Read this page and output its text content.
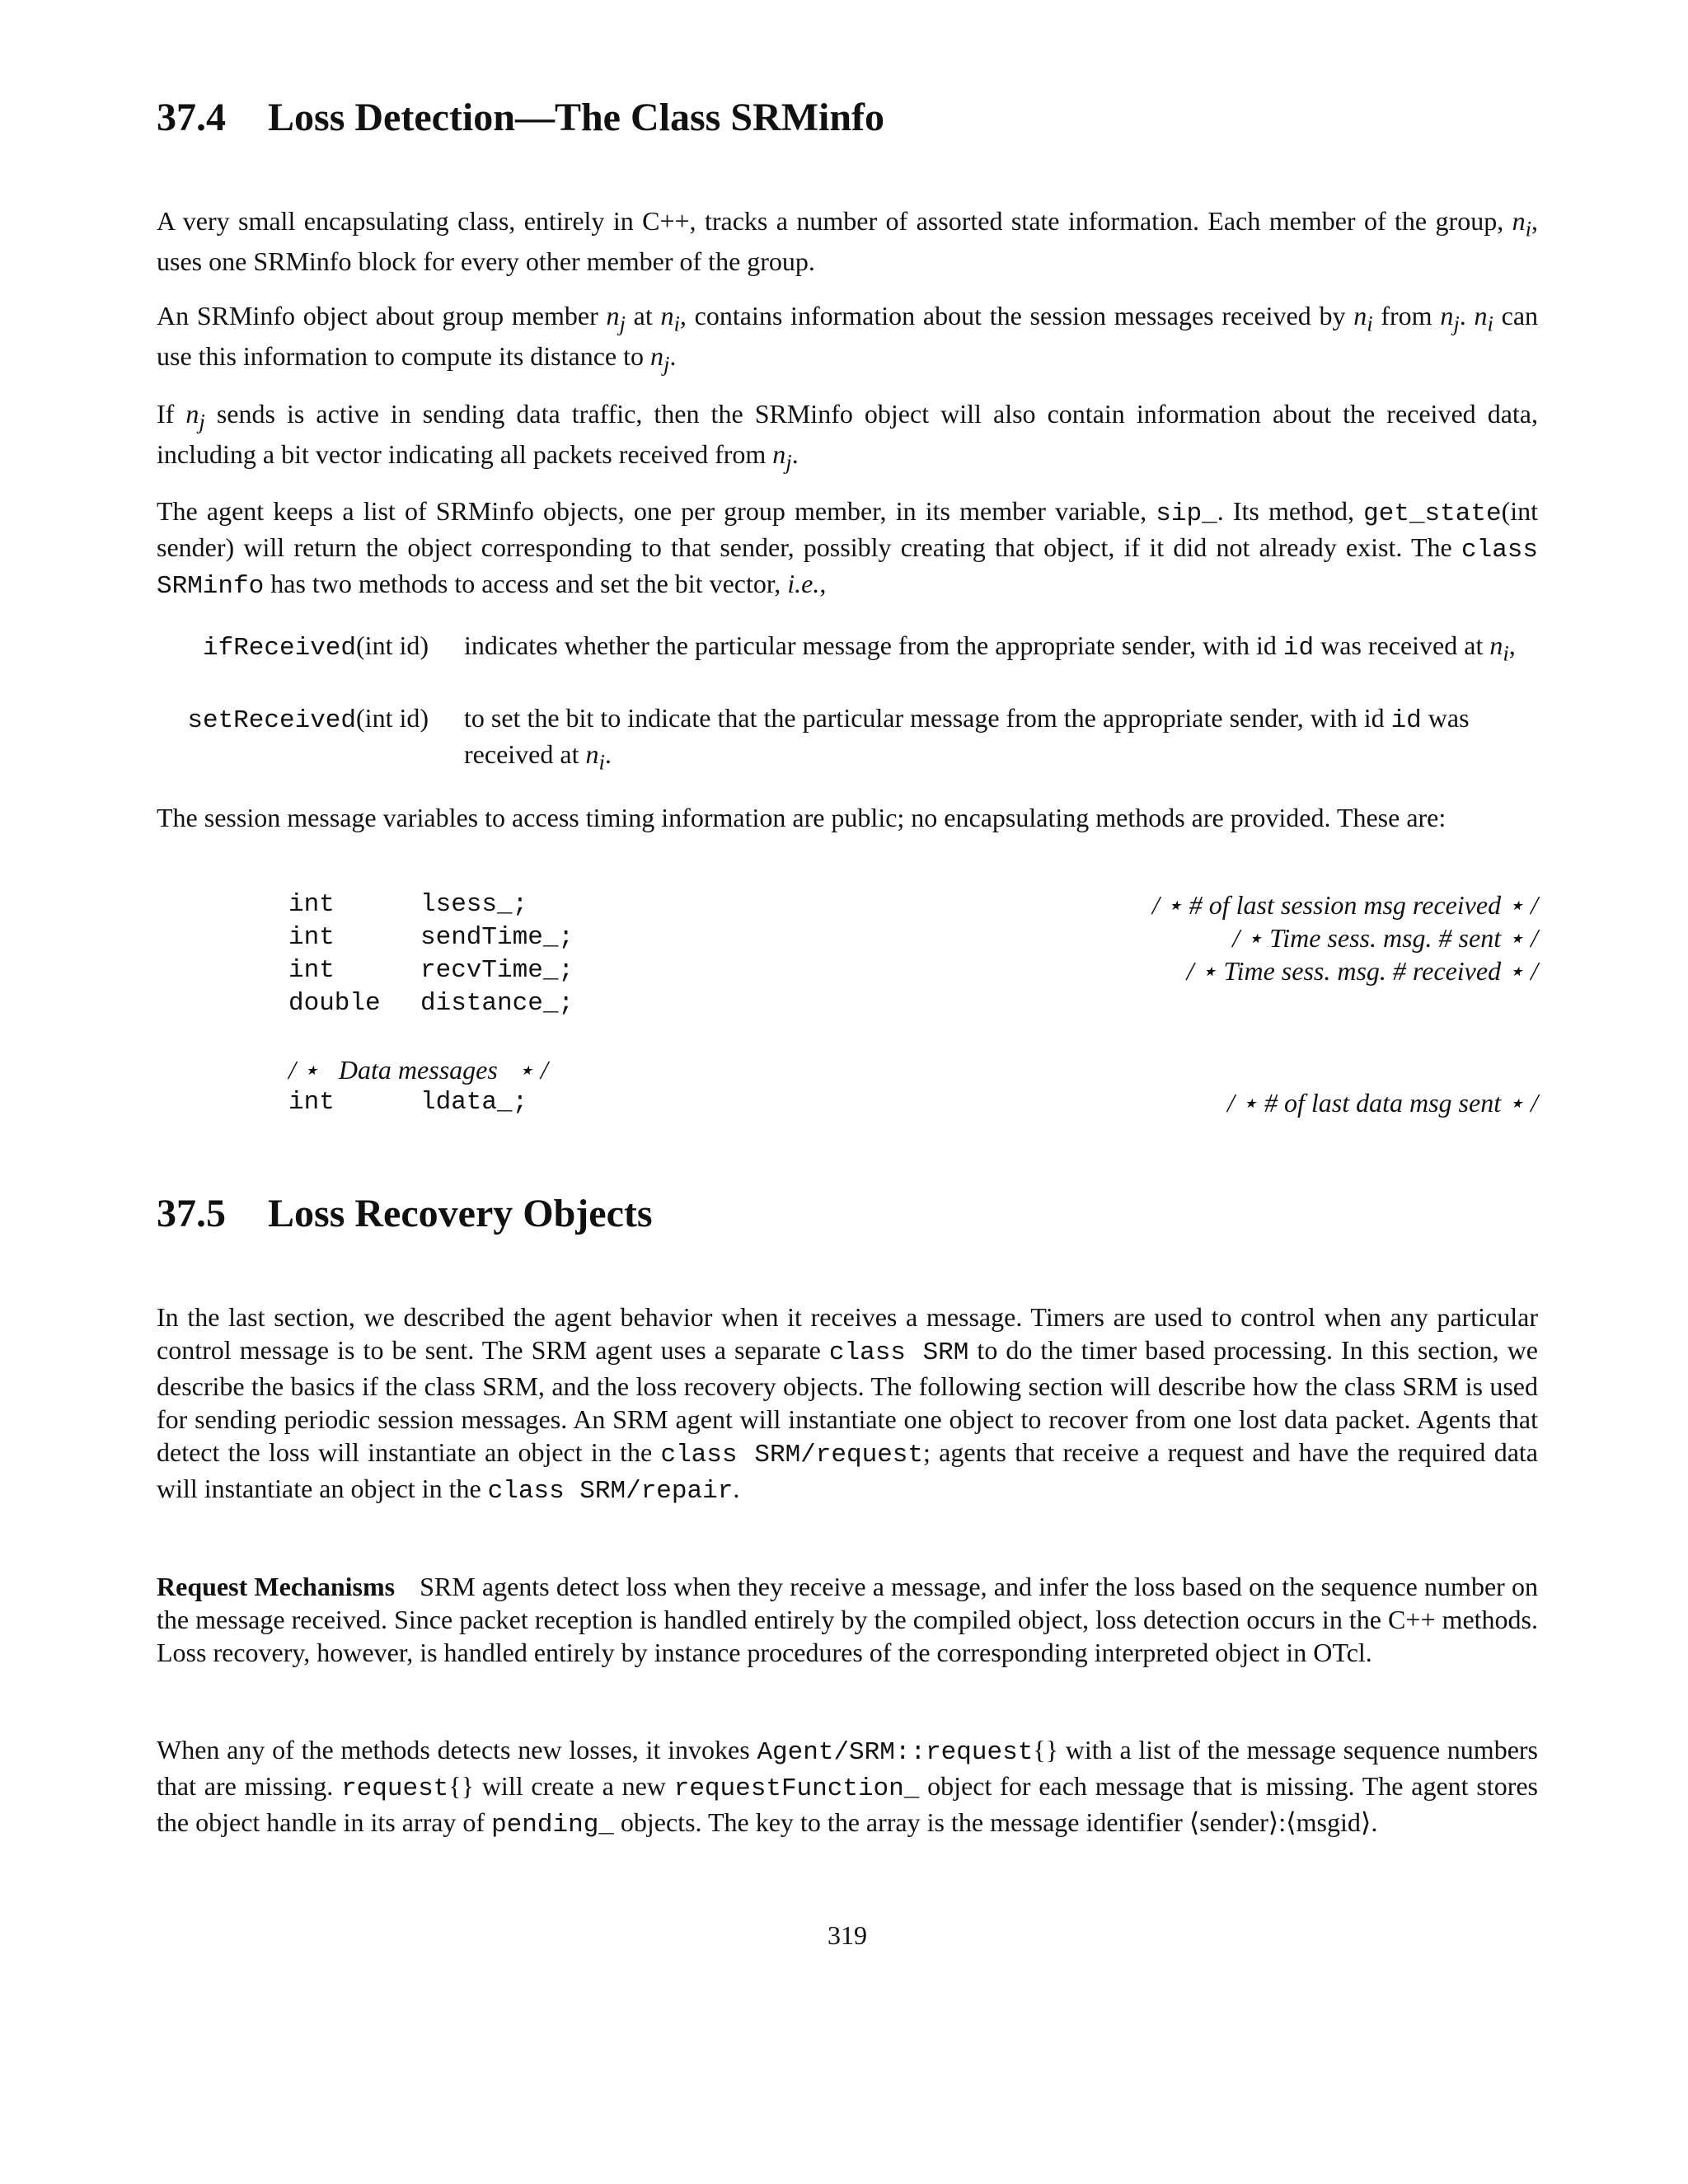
37.4 Loss Detection—The Class SRMinfo

A very small encapsulating class, entirely in C++, tracks a number of assorted state information. Each member of the group, $n_i$, uses one SRMinfo block for every other member of the group.

An SRMinfo object about group member $n_j$ at $n_i$, contains information about the session messages received by $n_i$ from $n_j$. $n_i$ can use this information to compute its distance to $n_j$.

If $n_j$ sends is active in sending data traffic, then the SRMinfo object will also contain information about the received data, including a bit vector indicating all packets received from $n_j$.

The agent keeps a list of SRMinfo objects, one per group member, in its member variable, sip_. Its method, get_state(int sender) will return the object corresponding to that sender, possibly creating that object, if it did not already exist. The class SRMinfo has two methods to access and set the bit vector, i.e.,

ifReceived(int id) indicates whether the particular message from the appropriate sender, with id id was received at $n_i$,
setReceived(int id) to set the bit to indicate that the particular message from the appropriate sender, with id id was received at $n_i$.

The session message variables to access timing information are public; no encapsulating methods are provided. These are:

int	lsess_;	/ ⋆ # of last session msg received ⋆ /
int	sendTime_;	/ ⋆ Time sess. msg. # sent ⋆ /
int	recvTime_;	/ ⋆ Time sess. msg. # received ⋆ /
double distance_;
/ ⋆   Data messages   ⋆ /
int	ldata_;	/ ⋆ # of last data msg sent ⋆ /
37.5 Loss Recovery Objects

In the last section, we described the agent behavior when it receives a message. Timers are used to control when any particular control message is to be sent. The SRM agent uses a separate class SRM to do the timer based processing. In this section, we describe the basics if the class SRM, and the loss recovery objects. The following section will describe how the class SRM is used for sending periodic session messages. An SRM agent will instantiate one object to recover from one lost data packet. Agents that detect the loss will instantiate an object in the class SRM/request; agents that receive a request and have the required data will instantiate an object in the class SRM/repair.

Request Mechanisms SRM agents detect loss when they receive a message, and infer the loss based on the sequence number on the message received. Since packet reception is handled entirely by the compiled object, loss detection occurs in the C++ methods. Loss recovery, however, is handled entirely by instance procedures of the corresponding interpreted object in OTcl.

When any of the methods detects new losses, it invokes Agent/SRM::request{} with a list of the message sequence numbers that are missing. request{} will create a new requestFunction_ object for each message that is missing. The agent stores the object handle in its array of pending_ objects. The key to the array is the message identifier ⟨sender⟩:⟨msgid⟩.

319
